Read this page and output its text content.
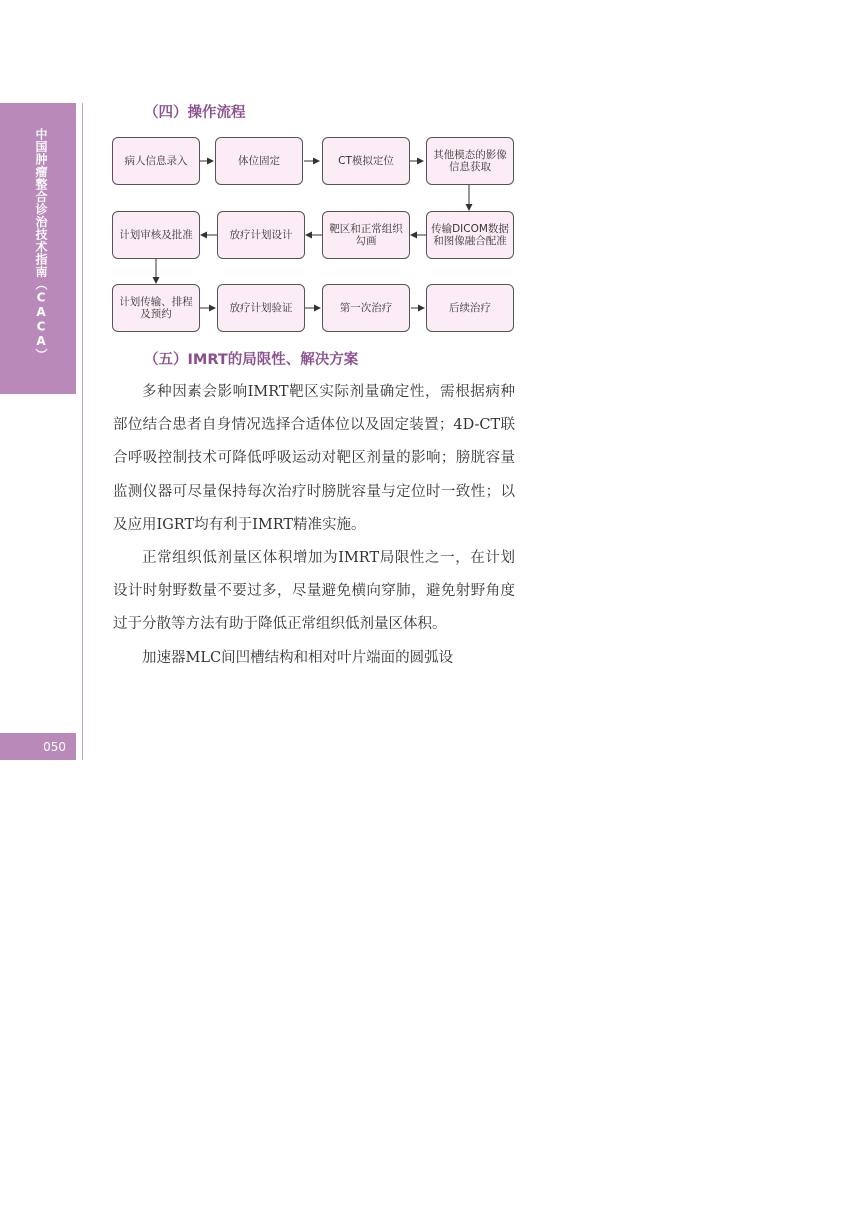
中国肿瘤整合诊治技术指南（CACA）
050
（四）操作流程
病人信息录入	体位固定	CT模拟定位	其他模态的影像信息获取
传输DICOM数据和图像融合配准
靶区和正常组织勾画
放疗计划设计
计划审核及批准
计划传输、排程及预约	放疗计划验证	第一次治疗	后续治疗
（五）IMRT的局限性、解决方案

多种因素会影响IMRT靶区实际剂量确定性，需根据病种部位结合患者自身情况选择合适体位以及固定装置；4D-CT联合呼吸控制技术可降低呼吸运动对靶区剂量的影响；膀胱容量监测仪器可尽量保持每次治疗时膀胱容量与定位时一致性；以及应用IGRT均有利于IMRT精准实施。

正常组织低剂量区体积增加为IMRT局限性之一，在计划设计时射野数量不要过多，尽量避免横向穿肺，避免射野角度过于分散等方法有助于降低正常组织低剂量区体积。

加速器MLC间凹槽结构和相对叶片端面的圆弧设
